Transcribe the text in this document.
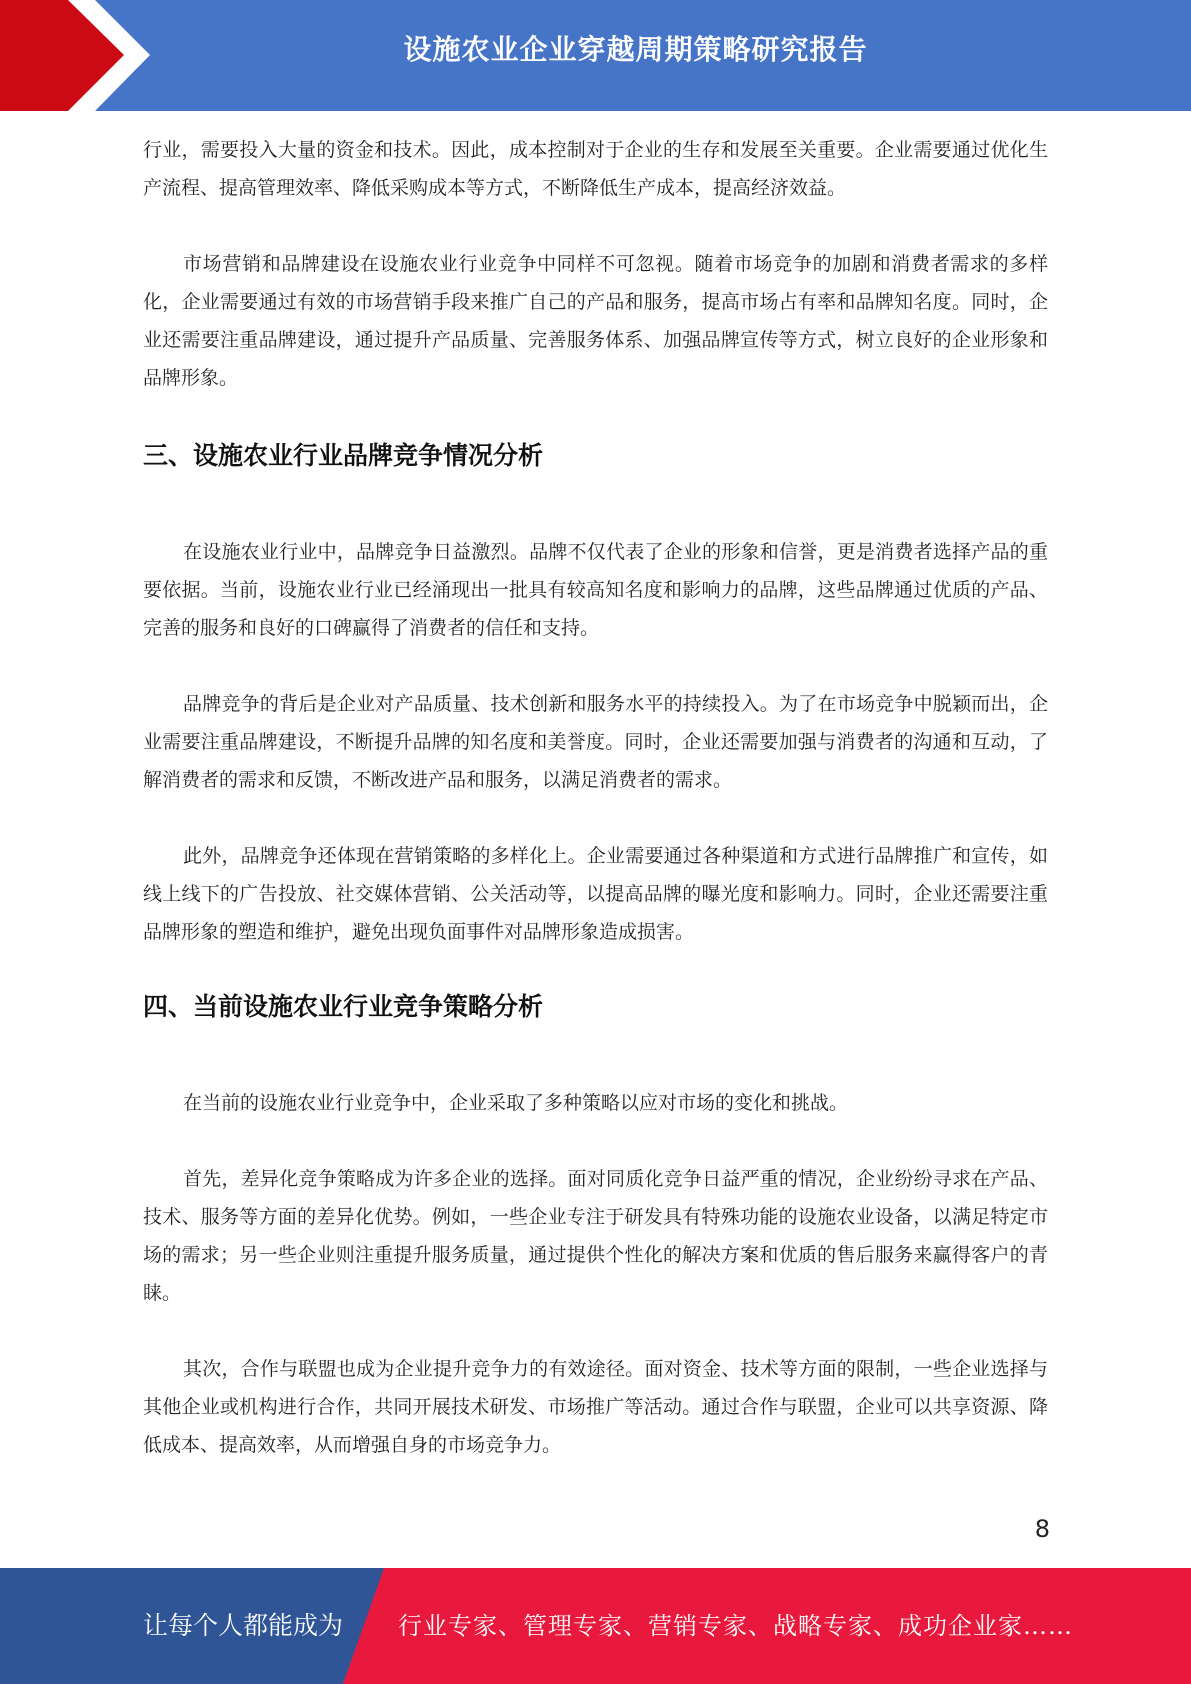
设施农业企业穿越周期策略研究报告

行业，需要投入大量的资金和技术。因此，成本控制对于企业的生存和发展至关重要。企业需要通过优化生产流程、提高管理效率、降低采购成本等方式，不断降低生产成本，提高经济效益。

市场营销和品牌建设在设施农业行业竞争中同样不可忽视。随着市场竞争的加剧和消费者需求的多样化，企业需要通过有效的市场营销手段来推广自己的产品和服务，提高市场占有率和品牌知名度。同时，企业还需要注重品牌建设，通过提升产品质量、完善服务体系、加强品牌宣传等方式，树立良好的企业形象和品牌形象。

三、设施农业行业品牌竞争情况分析

在设施农业行业中，品牌竞争日益激烈。品牌不仅代表了企业的形象和信誉，更是消费者选择产品的重要依据。当前，设施农业行业已经涌现出一批具有较高知名度和影响力的品牌，这些品牌通过优质的产品、完善的服务和良好的口碑赢得了消费者的信任和支持。

品牌竞争的背后是企业对产品质量、技术创新和服务水平的持续投入。为了在市场竞争中脱颖而出，企业需要注重品牌建设，不断提升品牌的知名度和美誉度。同时，企业还需要加强与消费者的沟通和互动，了解消费者的需求和反馈，不断改进产品和服务，以满足消费者的需求。

此外，品牌竞争还体现在营销策略的多样化上。企业需要通过各种渠道和方式进行品牌推广和宣传，如线上线下的广告投放、社交媒体营销、公关活动等，以提高品牌的曝光度和影响力。同时，企业还需要注重品牌形象的塑造和维护，避免出现负面事件对品牌形象造成损害。

四、当前设施农业行业竞争策略分析

在当前的设施农业行业竞争中，企业采取了多种策略以应对市场的变化和挑战。

首先，差异化竞争策略成为许多企业的选择。面对同质化竞争日益严重的情况，企业纷纷寻求在产品、技术、服务等方面的差异化优势。例如，一些企业专注于研发具有特殊功能的设施农业设备，以满足特定市场的需求；另一些企业则注重提升服务质量，通过提供个性化的解决方案和优质的售后服务来赢得客户的青睐。

其次，合作与联盟也成为企业提升竞争力的有效途径。面对资金、技术等方面的限制，一些企业选择与其他企业或机构进行合作，共同开展技术研发、市场推广等活动。通过合作与联盟，企业可以共享资源、降低成本、提高效率，从而增强自身的市场竞争力。

8
让每个人都能成为 行业专家、管理专家、营销专家、战略专家、成功企业家……
